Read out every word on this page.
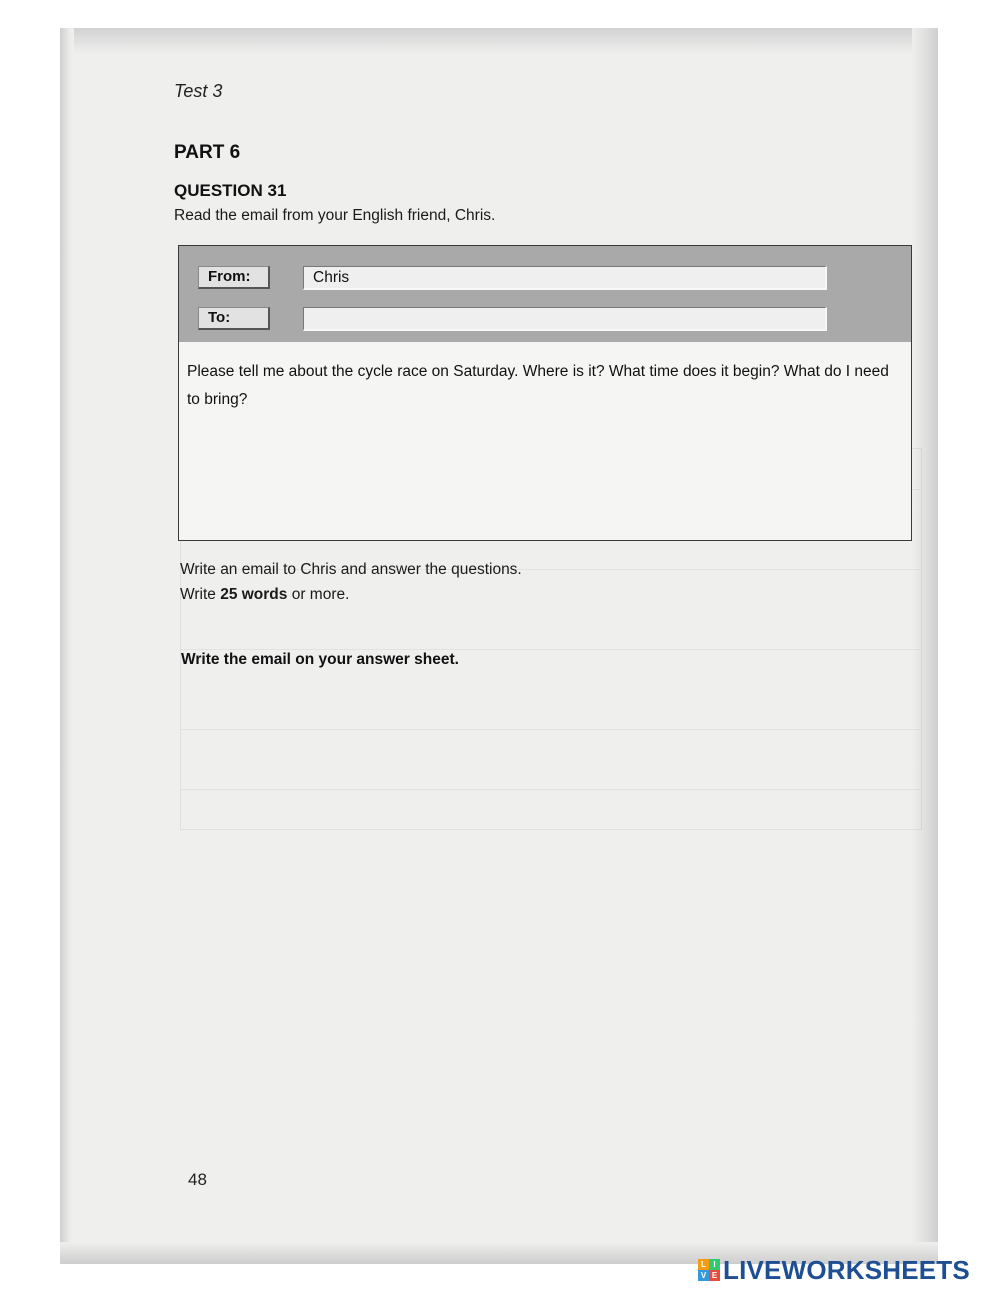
Test 3
PART 6
QUESTION 31
Read the email from your English friend, Chris.
From:	Chris
To:
Please tell me about the cycle race on Saturday. Where is it? What time does it begin? What do I need to bring?
Write an email to Chris and answer the questions.
Write 25 words or more.
Write the email on your answer sheet.
48
L I
V E LIVEWORKSHEETS
